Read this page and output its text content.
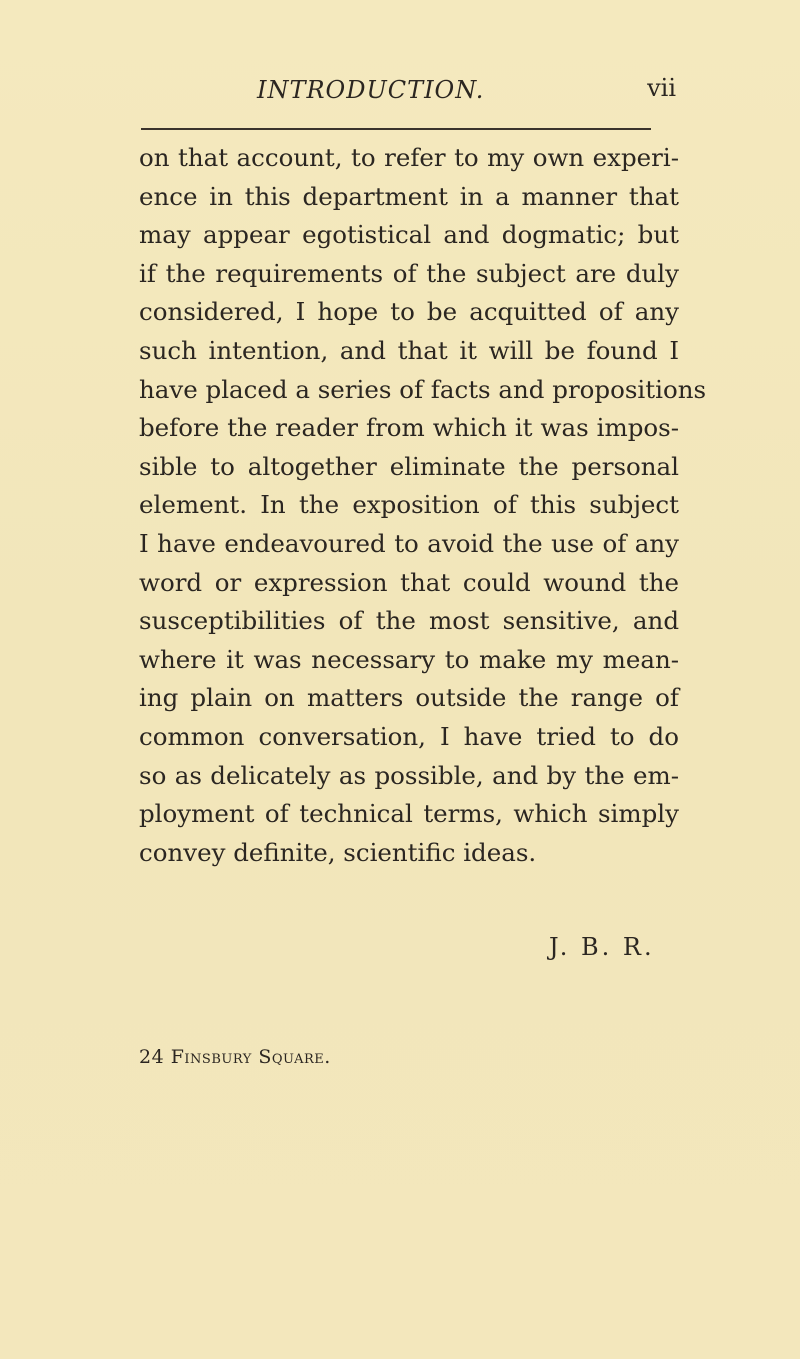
INTRODUCTION.	vii
on that account, to refer to my own experi-
ence in this department in a manner that
may appear egotistical and dogmatic; but
if the requirements of the subject are duly
considered, I hope to be acquitted of any
such intention, and that it will be found I
have placed a series of facts and propositions
before the reader from which it was impos-
sible to altogether eliminate the personal
element. In the exposition of this subject
I have endeavoured to avoid the use of any
word or expression that could wound the
susceptibilities of the most sensitive, and
where it was necessary to make my mean-
ing plain on matters outside the range of
common conversation, I have tried to do
so as delicately as possible, and by the em-
ployment of technical terms, which simply
convey definite, scientific ideas.
J. B. R.
24 Finsbury Square.
